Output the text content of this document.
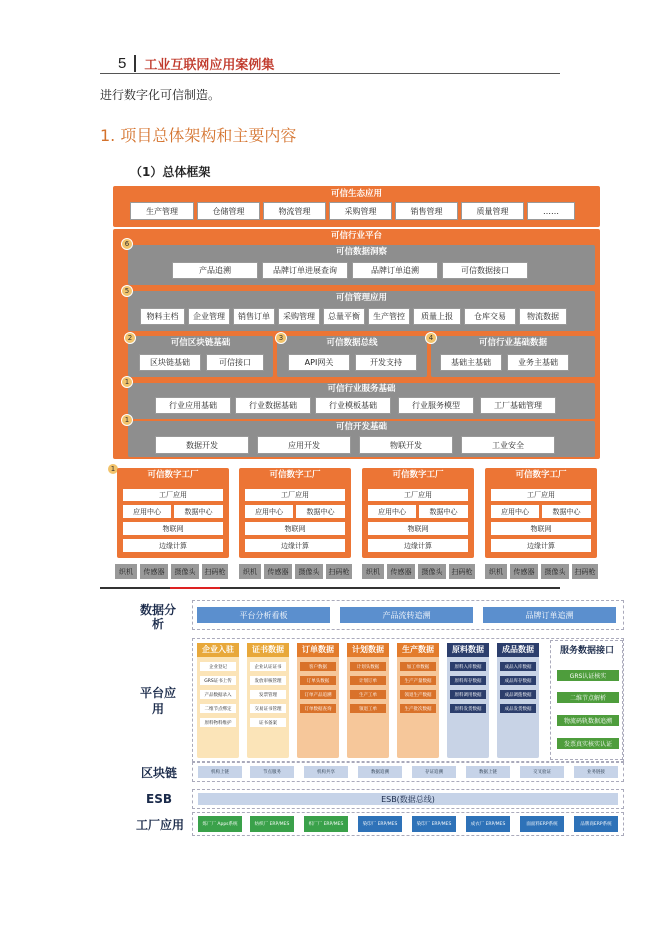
5 工业互联网应用案例集
进行数字化可信制造。
1. 项目总体架构和主要内容
（1）总体框架
可信生态应用
生产管理	仓储管理	物流管理	采购管理	销售管理	质量管理	……
可信行业平台
可信数据洞察
6
产品追溯	品牌订单进展查询	品牌订单追溯	可信数据接口
可信管理应用
5
物料主档	企业管理	销售订单	采购管理	总量平衡	生产管控	质量上报	仓库交易	物流数据
可信区块链基础
2
区块链基础	可信接口
可信数据总线
3
API网关	开发支持
可信行业基础数据
4
基础主基础	业务主基础
可信行业服务基础
1
行业应用基础	行业数据基础	行业模板基础	行业服务模型	工厂基础管理
可信开发基础
1
数据开发	应用开发	物联开发	工业安全
1
可信数字工厂
工厂应用
应用中心	数据中心
物联网
边缘计算
可信数字工厂
工厂应用
应用中心	数据中心
物联网
边缘计算
可信数字工厂
工厂应用
应用中心	数据中心
物联网
边缘计算
可信数字工厂
工厂应用
应用中心	数据中心
物联网
边缘计算
织机	传感器	摄像头	扫码枪	织机	传感器	摄像头	扫码枪	织机	传感器	摄像头	扫码枪	织机	传感器	摄像头	扫码枪
数据分析
平台分析看板	产品流转追溯	品牌订单追溯
平台应用
企业入驻
企业登记
GRS证书上传
产品数据录入
二维节点绑定
原料物料维护
证书数据
企业认证证书
发放审核管理
发票管理
交易证书管理
证书备案
订单数据
客户数据
订单头数据
订单产品追溯
订单数据查询
计划数据
计划头数据
计划订单
生产工单
领退工单
生产数据
加工单数据
生产产量数据
领退生产数据
生产批次数据
原料数据
原料入库数据
原料库存数据
原料调用数据
原料发货数据
成品数据
成品入库数据
成品库存数据
成品调拨数据
成品发货数据
服务数据接口
GRS认证核实
二维节点解析
物流码轨数据追溯
发票真实核实认证
区块链	机构上链	节点服务	机构共享	数据追溯	存证追溯	数据上链	交叉验证	业务链接
ESB	ESB(数据总线)
工厂应用	炼厂厂 Apps系统	纺织厂 ERP/MES	织厂厂 ERP/MES	染印厂 ERP/MES	染印厂 ERP/MES	成衣厂 ERP/MES	面面料ERP系统	品牌商ERP系统
